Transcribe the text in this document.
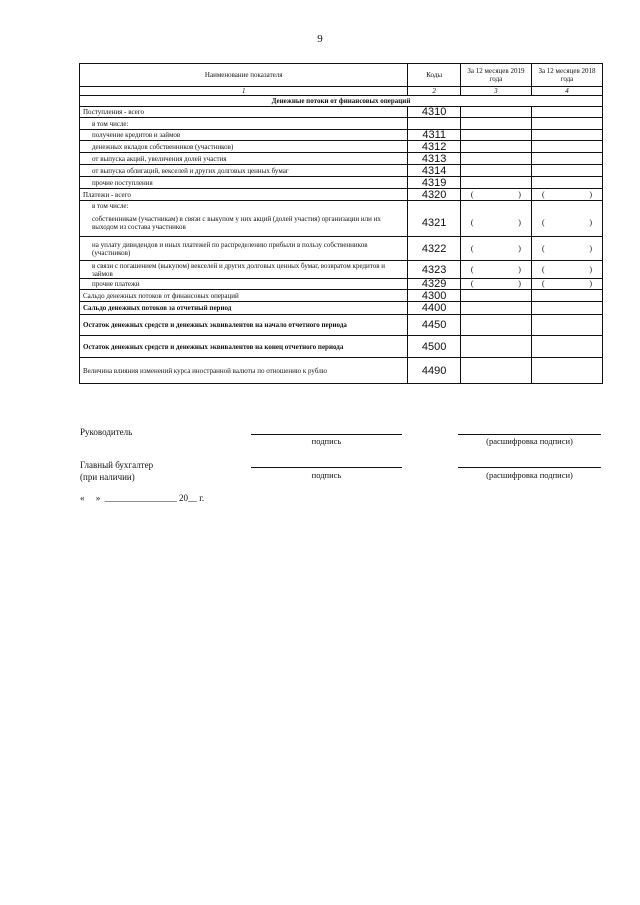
9
Наименование показателя	Коды	За 12 месяцев 2019 года	За 12 месяцев 2018 года
1	2	3	4
Денежные потоки от финансовых операций			
Поступления - всего	4310		
в том числе:			
получение кредитов и займов	4311		
денежных вкладов собственников (участников)	4312		
от выпуска акций, увеличения долей участия	4313		
от выпуска облигаций, векселей и других долговых ценных бумаг	4314		
прочие поступления	4319		
Платежи - всего	4320	( )	( )

в том числе:			
собственникам (участникам) в связи с выкупом у них акций (долей участия) организации или их выходом из состава участников	4321	( )	( )

на уплату дивидендов и иных платежей по распределению прибыли в пользу собственников (участников)	4322	( )	( )

в связи с погашением (выкупом) векселей и других долговых ценных бумаг, возвратом кредитов и займов	4323	( )	( )

прочие платежи	4329	( )	( )

Сальдо денежных потоков от финансовых операций	4300		
Сальдо денежных потоков за отчетный период	4400		
Остаток денежных средств и денежных эквивалентов на начало отчетного периода	4450		
Остаток денежных средств и денежных эквивалентов на конец отчетного периода	4500		
Величина влияния изменений курса иностранной валюты по отношению к рублю	4490		
Руководитель
подпись	(расшифровка подписи)
Главный бухгалтер
(при наличии)	подпись	(расшифровка подписи)
«     »  ________________ 20__ г.
